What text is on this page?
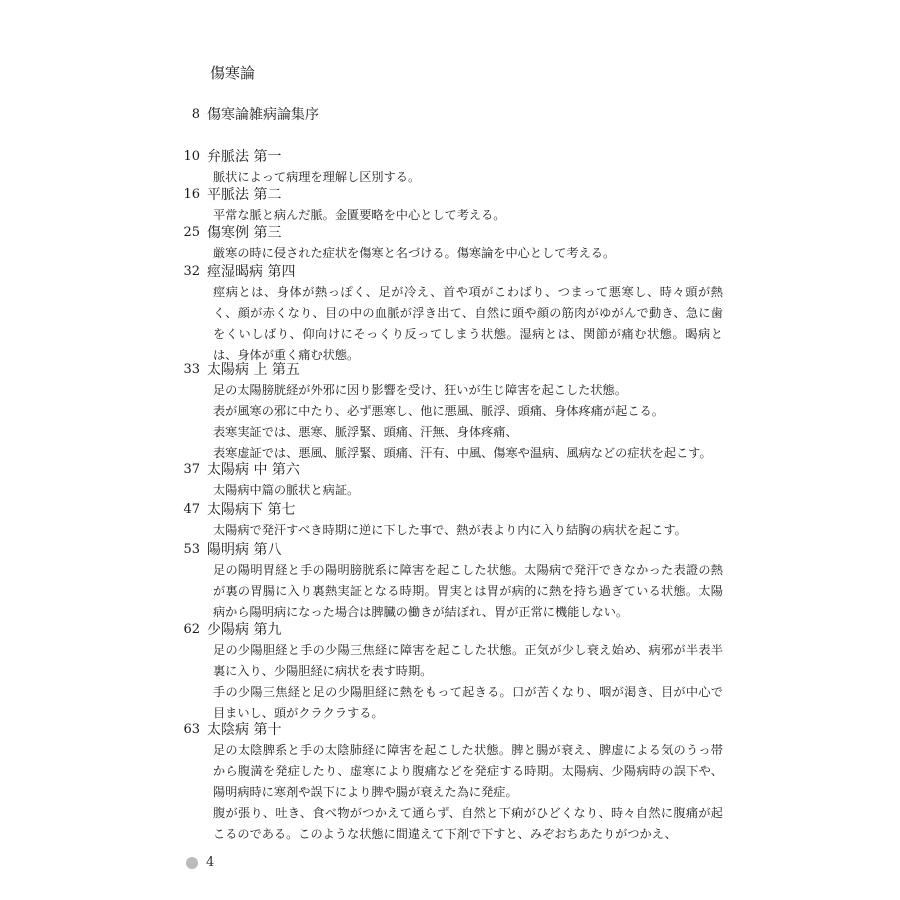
傷寒論
8 傷寒論雑病論集序
10 弁脈法 第一

脈状によって病理を理解し区別する。

16 平脈法 第二

平常な脈と病んだ脈。金匱要略を中心として考える。

25 傷寒例 第三

厳寒の時に侵された症状を傷寒と名づける。傷寒論を中心として考える。

32 痙湿暍病 第四

痙病とは、身体が熱っぽく、足が冷え、首や項がこわばり、つまって悪寒し、時々頭が熱く、顔が赤くなり、目の中の血脈が浮き出て、自然に頭や顔の筋肉がゆがんで動き、急に歯をくいしばり、仰向けにそっくり反ってしまう状態。湿病とは、関節が痛む状態。暍病とは、身体が重く痛む状態。

33 太陽病 上 第五

足の太陽膀胱経が外邪に因り影響を受け、狂いが生じ障害を起こした状態。

表が風寒の邪に中たり、必ず悪寒し、他に悪風、脈浮、頭痛、身体疼痛が起こる。

表寒実証では、悪寒、脈浮緊、頭痛、汗無、身体疼痛、

表寒虚証では、悪風、脈浮緊、頭痛、汗有、中風、傷寒や温病、風病などの症状を起こす。

37 太陽病 中 第六

太陽病中篇の脈状と病証。

47 太陽病下 第七

太陽病で発汗すべき時期に逆に下した事で、熱が表より内に入り結胸の病状を起こす。

53 陽明病 第八

足の陽明胃経と手の陽明膀胱系に障害を起こした状態。太陽病で発汗できなかった表證の熱が裏の胃腸に入り裏熱実証となる時期。胃実とは胃が病的に熱を持ち過ぎている状態。太陽病から陽明病になった場合は脾臓の働きが結ぼれ、胃が正常に機能しない。

62 少陽病 第九

足の少陽胆経と手の少陽三焦経に障害を起こした状態。正気が少し衰え始め、病邪が半表半裏に入り、少陽胆経に病状を表す時期。

手の少陽三焦経と足の少陽胆経に熱をもって起きる。口が苦くなり、咽が渇き、目が中心で目まいし、頭がクラクラする。

63 太陰病 第十

足の太陰脾系と手の太陰肺経に障害を起こした状態。脾と腸が衰え、脾虚による気のうっ帯から腹満を発症したり、虚寒により腹痛などを発症する時期。太陽病、少陽病時の誤下や、陽明病時に寒剤や誤下により脾や腸が衰えた為に発症。

腹が張り、吐き、食べ物がつかえて通らず、自然と下痢がひどくなり、時々自然に腹痛が起こるのである。このような状態に間違えて下剤で下すと、みぞおちあたりがつかえ、

4
